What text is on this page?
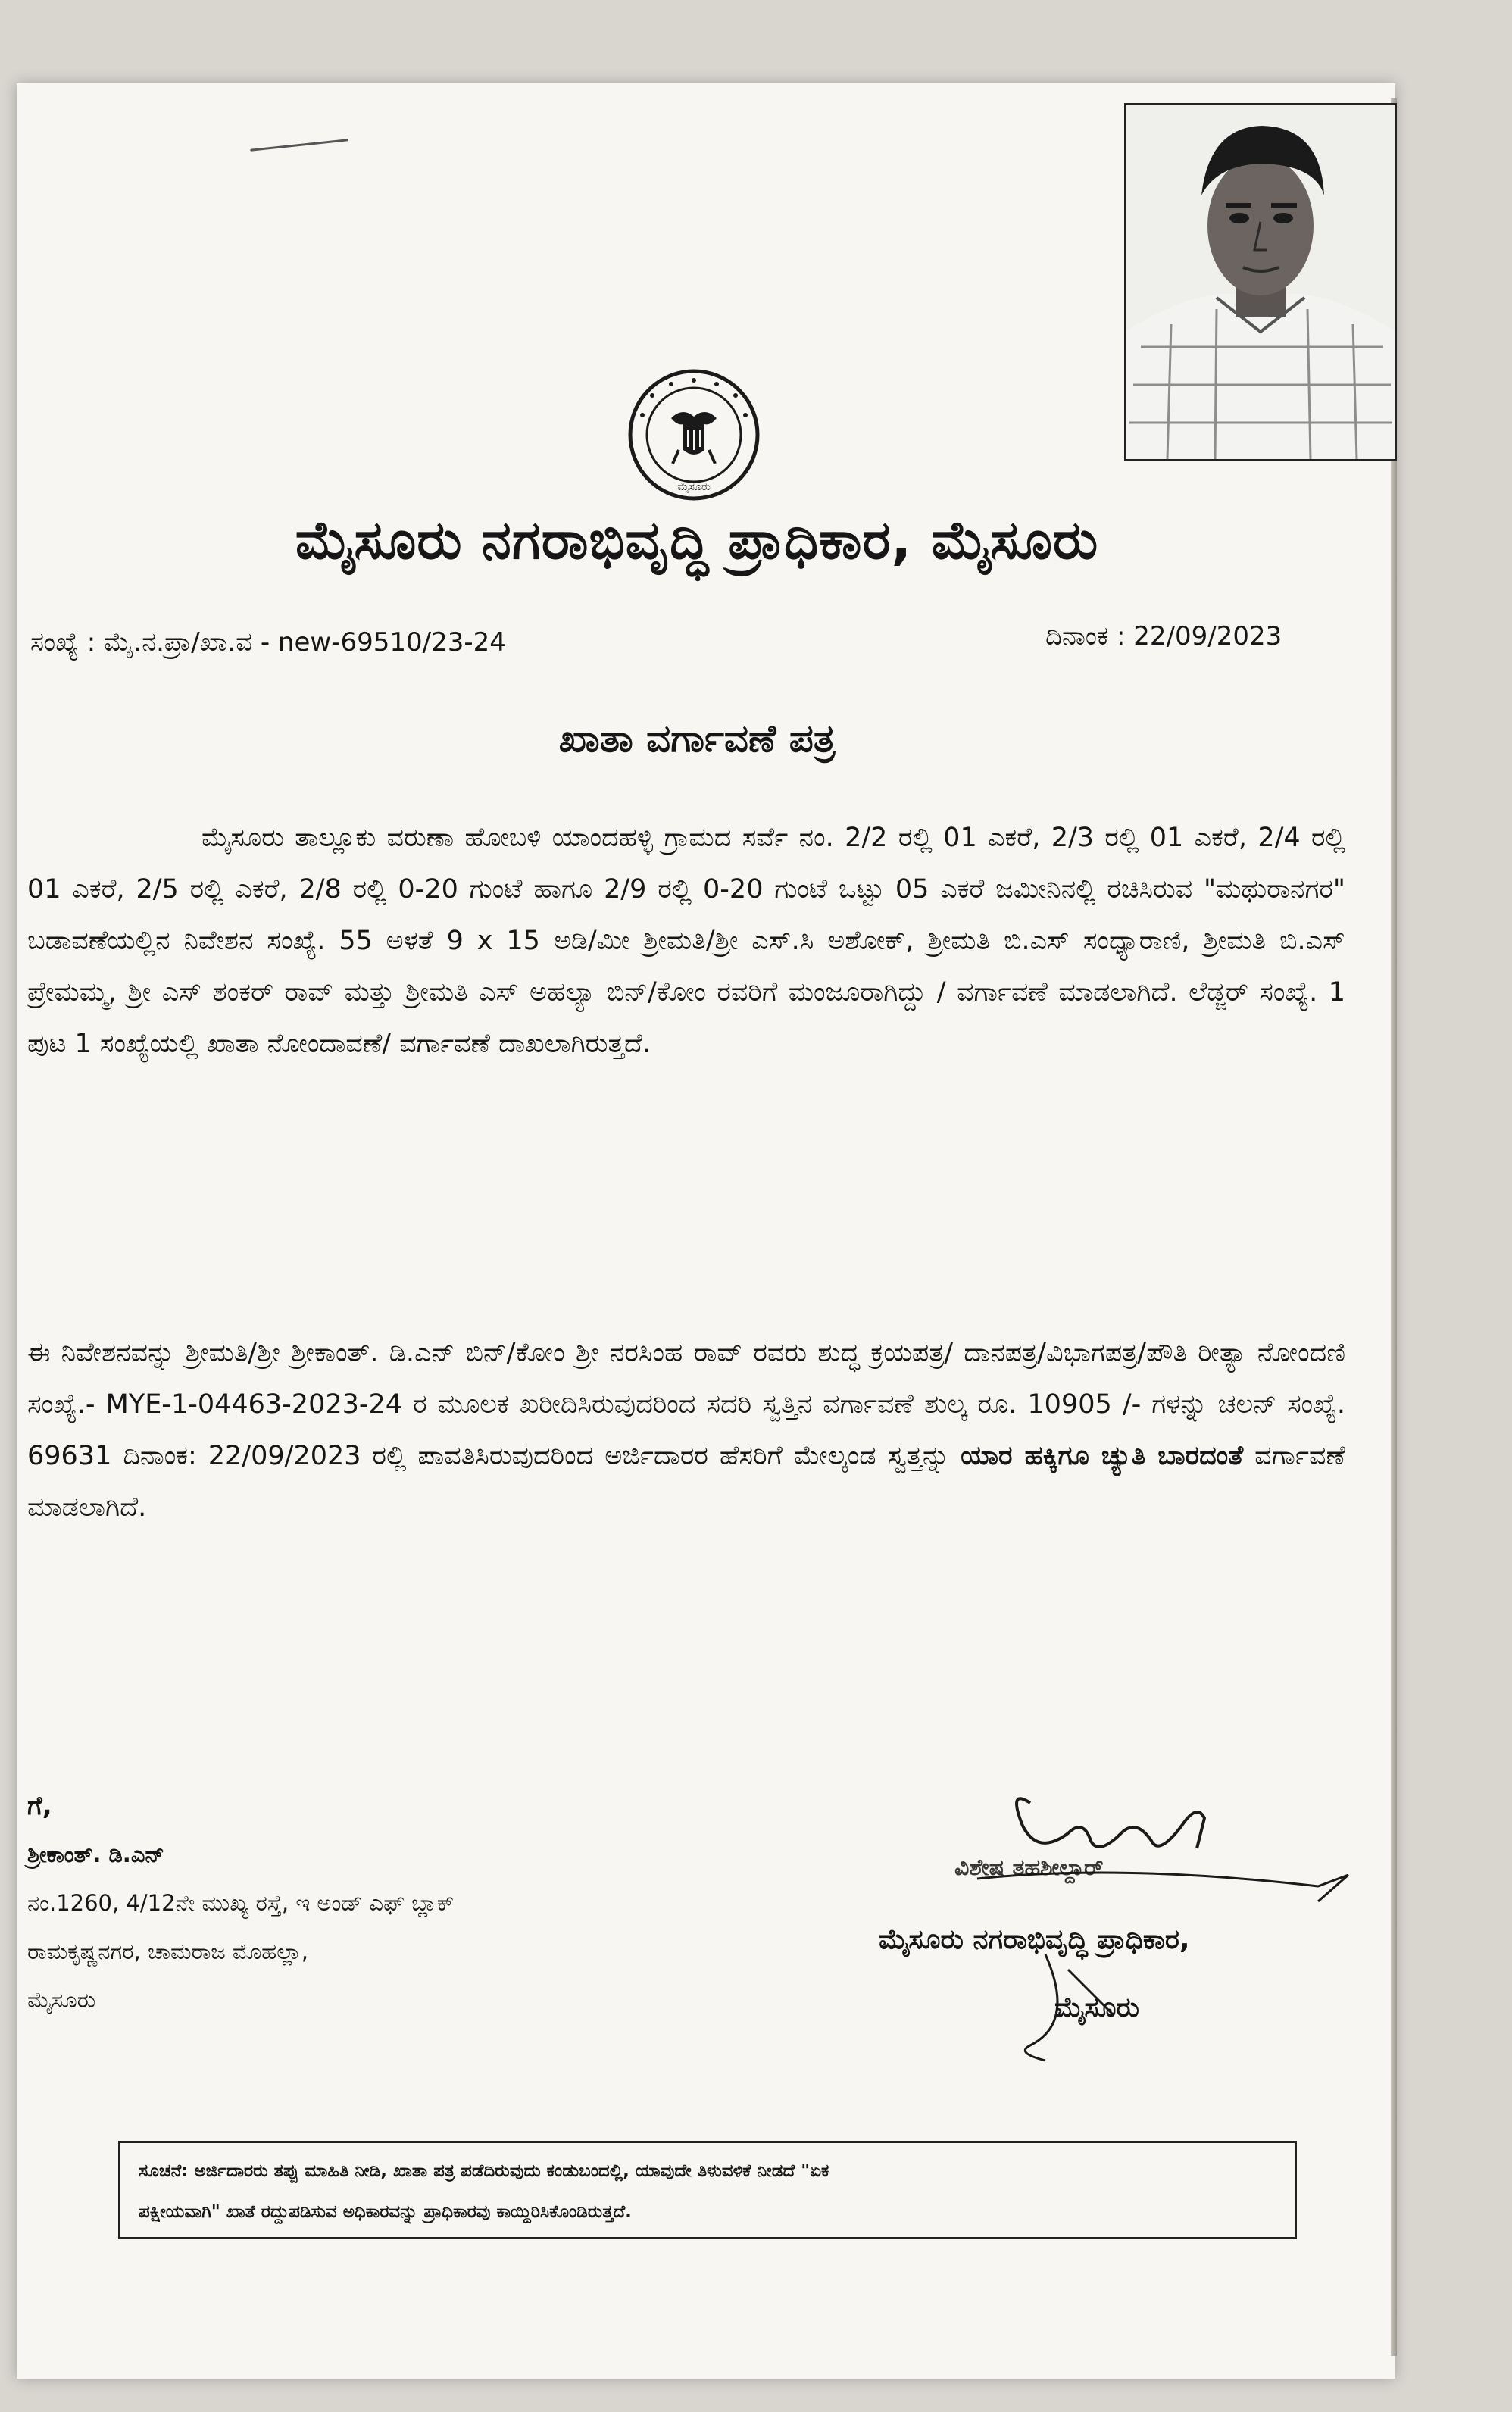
ಮೈಸೂರು
ಮೈಸೂರು ನಗರಾಭಿವೃದ್ಧಿ ಪ್ರಾಧಿಕಾರ, ಮೈಸೂರು
ಸಂಖ್ಯೆ : ಮೈ.ನ.ಪ್ರಾ/ಖಾ.ವ - new-69510/23-24	ದಿನಾಂಕ : 22/09/2023
ಖಾತಾ ವರ್ಗಾವಣೆ ಪತ್ರ
ಮೈಸೂರು ತಾಲ್ಲೂಕು ವರುಣಾ ಹೋಬಳಿ ಯಾಂದಹಳ್ಳಿ ಗ್ರಾಮದ ಸರ್ವೆ ನಂ. 2/2 ರಲ್ಲಿ 01 ಎಕರೆ, 2/3 ರಲ್ಲಿ 01 ಎಕರೆ, 2/4 ರಲ್ಲಿ 01 ಎಕರೆ, 2/5 ರಲ್ಲಿ ಎಕರೆ, 2/8 ರಲ್ಲಿ 0-20 ಗುಂಟೆ ಹಾಗೂ 2/9 ರಲ್ಲಿ 0-20 ಗುಂಟೆ ಒಟ್ಟು 05 ಎಕರೆ ಜಮೀನಿನಲ್ಲಿ ರಚಿಸಿರುವ "ಮಥುರಾನಗರ" ಬಡಾವಣೆಯಲ್ಲಿನ ನಿವೇಶನ ಸಂಖ್ಯೆ. 55 ಅಳತೆ 9 x 15 ಅಡಿ/ಮೀ ಶ್ರೀಮತಿ/ಶ್ರೀ ಎಸ್.ಸಿ ಅಶೋಕ್, ಶ್ರೀಮತಿ ಬಿ.ಎಸ್ ಸಂಧ್ಯಾರಾಣಿ, ಶ್ರೀಮತಿ ಬಿ.ಎಸ್ ಪ್ರೇಮಮ್ಮ, ಶ್ರೀ ಎಸ್ ಶಂಕರ್ ರಾವ್ ಮತ್ತು ಶ್ರೀಮತಿ ಎಸ್ ಅಹಲ್ಯಾ ಬಿನ್/ಕೋಂ ರವರಿಗೆ ಮಂಜೂರಾಗಿದ್ದು / ವರ್ಗಾವಣೆ ಮಾಡಲಾಗಿದೆ. ಲೆಡ್ಜರ್ ಸಂಖ್ಯೆ. 1 ಪುಟ 1 ಸಂಖ್ಯೆಯಲ್ಲಿ ಖಾತಾ ನೋಂದಾವಣೆ/ ವರ್ಗಾವಣೆ ದಾಖಲಾಗಿರುತ್ತದೆ.
ಈ ನಿವೇಶನವನ್ನು ಶ್ರೀಮತಿ/ಶ್ರೀ ಶ್ರೀಕಾಂತ್. ಡಿ.ಎನ್ ಬಿನ್/ಕೋಂ ಶ್ರೀ ನರಸಿಂಹ ರಾವ್ ರವರು ಶುದ್ಧ ಕ್ರಯಪತ್ರ/ ದಾನಪತ್ರ/ವಿಭಾಗಪತ್ರ/ಪೌತಿ ರೀತ್ಯಾ ನೋಂದಣಿ ಸಂಖ್ಯೆ.- MYE-1-04463-2023-24 ರ ಮೂಲಕ ಖರೀದಿಸಿರುವುದರಿಂದ ಸದರಿ ಸ್ವತ್ತಿನ ವರ್ಗಾವಣೆ ಶುಲ್ಕ ರೂ. 10905 /- ಗಳನ್ನು ಚಲನ್ ಸಂಖ್ಯೆ. 69631 ದಿನಾಂಕ: 22/09/2023 ರಲ್ಲಿ ಪಾವತಿಸಿರುವುದರಿಂದ ಅರ್ಜಿದಾರರ ಹೆಸರಿಗೆ ಮೇಲ್ಕಂಡ ಸ್ವತ್ತನ್ನು ಯಾರ ಹಕ್ಕಿಗೂ ಚ್ಯುತಿ ಬಾರದಂತೆ ವರ್ಗಾವಣೆ ಮಾಡಲಾಗಿದೆ.
ಗೆ,
ಶ್ರೀಕಾಂತ್. ಡಿ.ಎನ್
ನಂ.1260, 4/12ನೇ ಮುಖ್ಯ ರಸ್ತೆ, ಇ ಅಂಡ್ ಎಫ್ ಬ್ಲಾಕ್
ರಾಮಕೃಷ್ಣನಗರ, ಚಾಮರಾಜ ಮೊಹಲ್ಲಾ,
ಮೈಸೂರು
ವಿಶೇಷ ತಹಶೀಲ್ದಾರ್
ಮೈಸೂರು ನಗರಾಭಿವೃದ್ಧಿ ಪ್ರಾಧಿಕಾರ,
ಮೈಸೂರು
ಸೂಚನೆ: ಅರ್ಜಿದಾರರು ತಪ್ಪು ಮಾಹಿತಿ ನೀಡಿ, ಖಾತಾ ಪತ್ರ ಪಡೆದಿರುವುದು ಕಂಡುಬಂದಲ್ಲಿ, ಯಾವುದೇ ತಿಳುವಳಿಕೆ ನೀಡದೆ "ಏಕ
ಪಕ್ಷೀಯವಾಗಿ" ಖಾತೆ ರದ್ದುಪಡಿಸುವ ಅಧಿಕಾರವನ್ನು ಪ್ರಾಧಿಕಾರವು ಕಾಯ್ದಿರಿಸಿಕೊಂಡಿರುತ್ತದೆ.
